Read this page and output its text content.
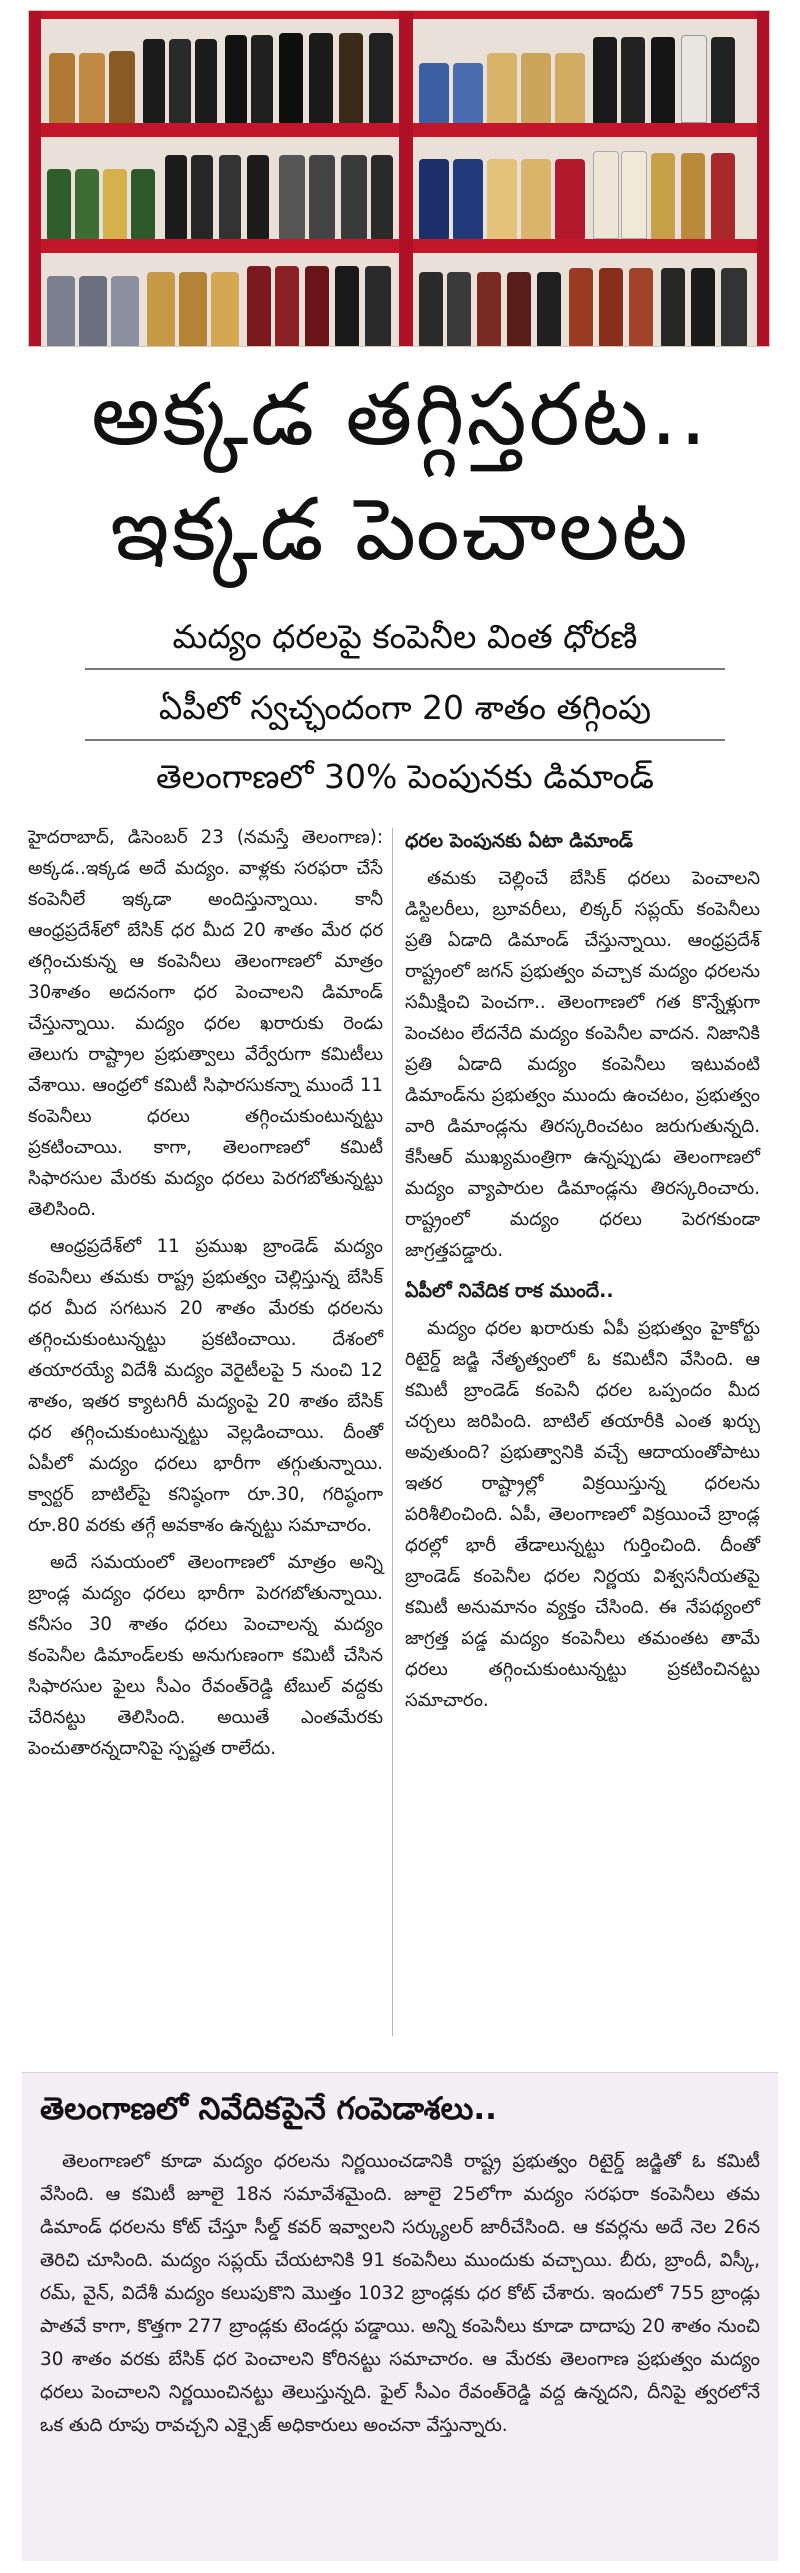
అక్కడ తగ్గిస్తరట..
ఇక్కడ పెంచాలట
మద్యం ధరలపై కంపెనీల వింత ధోరణి
ఏపీలో స్వచ్ఛందంగా 20 శాతం తగ్గింపు
తెలంగాణలో 30% పెంపునకు డిమాండ్

హైదరాబాద్, డిసెంబర్ 23 (నమస్తే తెలంగాణ): అక్కడ..ఇక్కడ అదే మద్యం. వాళ్లకు సరఫరా చేసే కంపెనీలే ఇక్కడా అందిస్తున్నాయి. కానీ ఆంధ్రప్రదేశ్‌లో బేసిక్ ధర మీద 20 శాతం మేర ధర తగ్గించుకున్న ఆ కంపెనీలు తెలంగాణలో మాత్రం 30శాతం అదనంగా ధర పెంచాలని డిమాండ్ చేస్తున్నాయి. మద్యం ధరల ఖరారుకు రెండు తెలుగు రాష్ట్రాల ప్రభుత్వాలు వేర్వేరుగా కమిటీలు వేశాయి. ఆంధ్రలో కమిటీ సిఫారసుకన్నా ముందే 11 కంపెనీలు ధరలు తగ్గించుకుంటున్నట్టు ప్రకటించాయి. కాగా, తెలంగాణలో కమిటీ సిఫారసుల మేరకు మద్యం ధరలు పెరగబోతున్నట్టు తెలిసింది.

ఆంధ్రప్రదేశ్‌లో 11 ప్రముఖ బ్రాండెడ్ మద్యం కంపెనీలు తమకు రాష్ట్ర ప్రభుత్వం చెల్లిస్తున్న బేసిక్ ధర మీద సగటున 20 శాతం మేరకు ధరలను తగ్గించుకుంటున్నట్టు ప్రకటించాయి. దేశంలో తయారయ్యే విదేశీ మద్యం వెరైటీలపై 5 నుంచి 12 శాతం, ఇతర క్యాటగిరీ మద్యంపై 20 శాతం బేసిక్ ధర తగ్గించుకుంటున్నట్టు వెల్లడించాయి. దీంతో ఏపీలో మద్యం ధరలు భారీగా తగ్గుతున్నాయి. క్వార్టర్ బాటిల్‌పై కనిష్ఠంగా రూ.30, గరిష్ఠంగా రూ.80 వరకు తగ్గే అవకాశం ఉన్నట్టు సమాచారం.

అదే సమయంలో తెలంగాణలో మాత్రం అన్ని బ్రాండ్ల మద్యం ధరలు భారీగా పెరగబోతున్నాయి. కనీసం 30 శాతం ధరలు పెంచాలన్న మద్యం కంపెనీల డిమాండ్‌లకు అనుగుణంగా కమిటీ చేసిన సిఫారసుల ఫైలు సీఎం రేవంత్‌రెడ్డి టేబుల్ వద్దకు చేరినట్టు తెలిసింది. అయితే ఎంతమేరకు పెంచుతారన్నదానిపై స్పష్టత రాలేదు.

ధరల పెంపునకు ఏటా డిమాండ్

తమకు చెల్లించే బేసిక్ ధరలు పెంచాలని డిస్టిలరీలు, బ్రూవరీలు, లిక్కర్ సప్లయ్ కంపెనీలు ప్రతి ఏడాది డిమాండ్ చేస్తున్నాయి. ఆంధ్రప్రదేశ్ రాష్ట్రంలో జగన్ ప్రభుత్వం వచ్చాక మద్యం ధరలను సమీక్షించి పెంచగా.. తెలంగాణలో గత కొన్నేళ్లుగా పెంచటం లేదనేది మద్యం కంపెనీల వాదన. నిజానికి ప్రతి ఏడాది మద్యం కంపెనీలు ఇటువంటి డిమాండ్‌ను ప్రభుత్వం ముందు ఉంచటం, ప్రభుత్వం వారి డిమాండ్లను తిరస్కరించటం జరుగుతున్నది. కేసీఆర్ ముఖ్యమంత్రిగా ఉన్నప్పుడు తెలంగాణలో మద్యం వ్యాపారుల డిమాండ్లను తిరస్కరించారు. రాష్ట్రంలో మద్యం ధరలు పెరగకుండా జాగ్రత్తపడ్డారు.

ఏపీలో నివేదిక రాక ముందే..

మద్యం ధరల ఖరారుకు ఏపీ ప్రభుత్వం హైకోర్టు రిటైర్డ్ జడ్జి నేతృత్వంలో ఓ కమిటీని వేసింది. ఆ కమిటీ బ్రాండెడ్ కంపెనీ ధరల ఒప్పందం మీద చర్చలు జరిపింది. బాటిల్ తయారీకి ఎంత ఖర్చు అవుతుంది? ప్రభుత్వానికి వచ్చే ఆదాయంతోపాటు ఇతర రాష్ట్రాల్లో విక్రయిస్తున్న ధరలను పరిశీలించింది. ఏపీ, తెలంగాణలో విక్రయించే బ్రాండ్ల ధరల్లో భారీ తేడాలున్నట్టు గుర్తించింది. దీంతో బ్రాండెడ్ కంపెనీల ధరల నిర్ణయ విశ్వసనీయతపై కమిటీ అనుమానం వ్యక్తం చేసింది. ఈ నేపథ్యంలో జాగ్రత్త పడ్డ మద్యం కంపెనీలు తమంతట తామే ధరలు తగ్గించుకుంటున్నట్టు ప్రకటించినట్టు సమాచారం.

తెలంగాణలో నివేదికపైనే గంపెడాశలు..
తెలంగాణలో కూడా మద్యం ధరలను నిర్ణయించడానికి రాష్ట్ర ప్రభుత్వం రిటైర్డ్ జడ్జితో ఓ కమిటీ వేసింది. ఆ కమిటీ జూలై 18న సమావేశమైంది. జూలై 25లోగా మద్యం సరఫరా కంపెనీలు తమ డిమాండ్ ధరలను కోట్ చేస్తూ సీల్డ్ కవర్ ఇవ్వాలని సర్క్యులర్ జారీచేసింది. ఆ కవర్లను అదే నెల 26న తెరిచి చూసింది. మద్యం సప్లయ్ చేయటానికి 91 కంపెనీలు ముందుకు వచ్చాయి. బీరు, బ్రాందీ, విస్కీ, రమ్, వైన్, విదేశీ మద్యం కలుపుకొని మొత్తం 1032 బ్రాండ్లకు ధర కోట్ చేశారు. ఇందులో 755 బ్రాండ్లు పాతవే కాగా, కొత్తగా 277 బ్రాండ్లకు టెండర్లు పడ్డాయి. అన్ని కంపెనీలు కూడా దాదాపు 20 శాతం నుంచి 30 శాతం వరకు బేసిక్ ధర పెంచాలని కోరినట్టు సమాచారం. ఆ మేరకు తెలంగాణ ప్రభుత్వం మద్యం ధరలు పెంచాలని నిర్ణయించినట్టు తెలుస్తున్నది. ఫైల్ సీఎం రేవంత్‌రెడ్డి వద్ద ఉన్నదని, దీనిపై త్వరలోనే ఒక తుది రూపు రావచ్చని ఎక్సైజ్ అధికారులు అంచనా వేస్తున్నారు.
